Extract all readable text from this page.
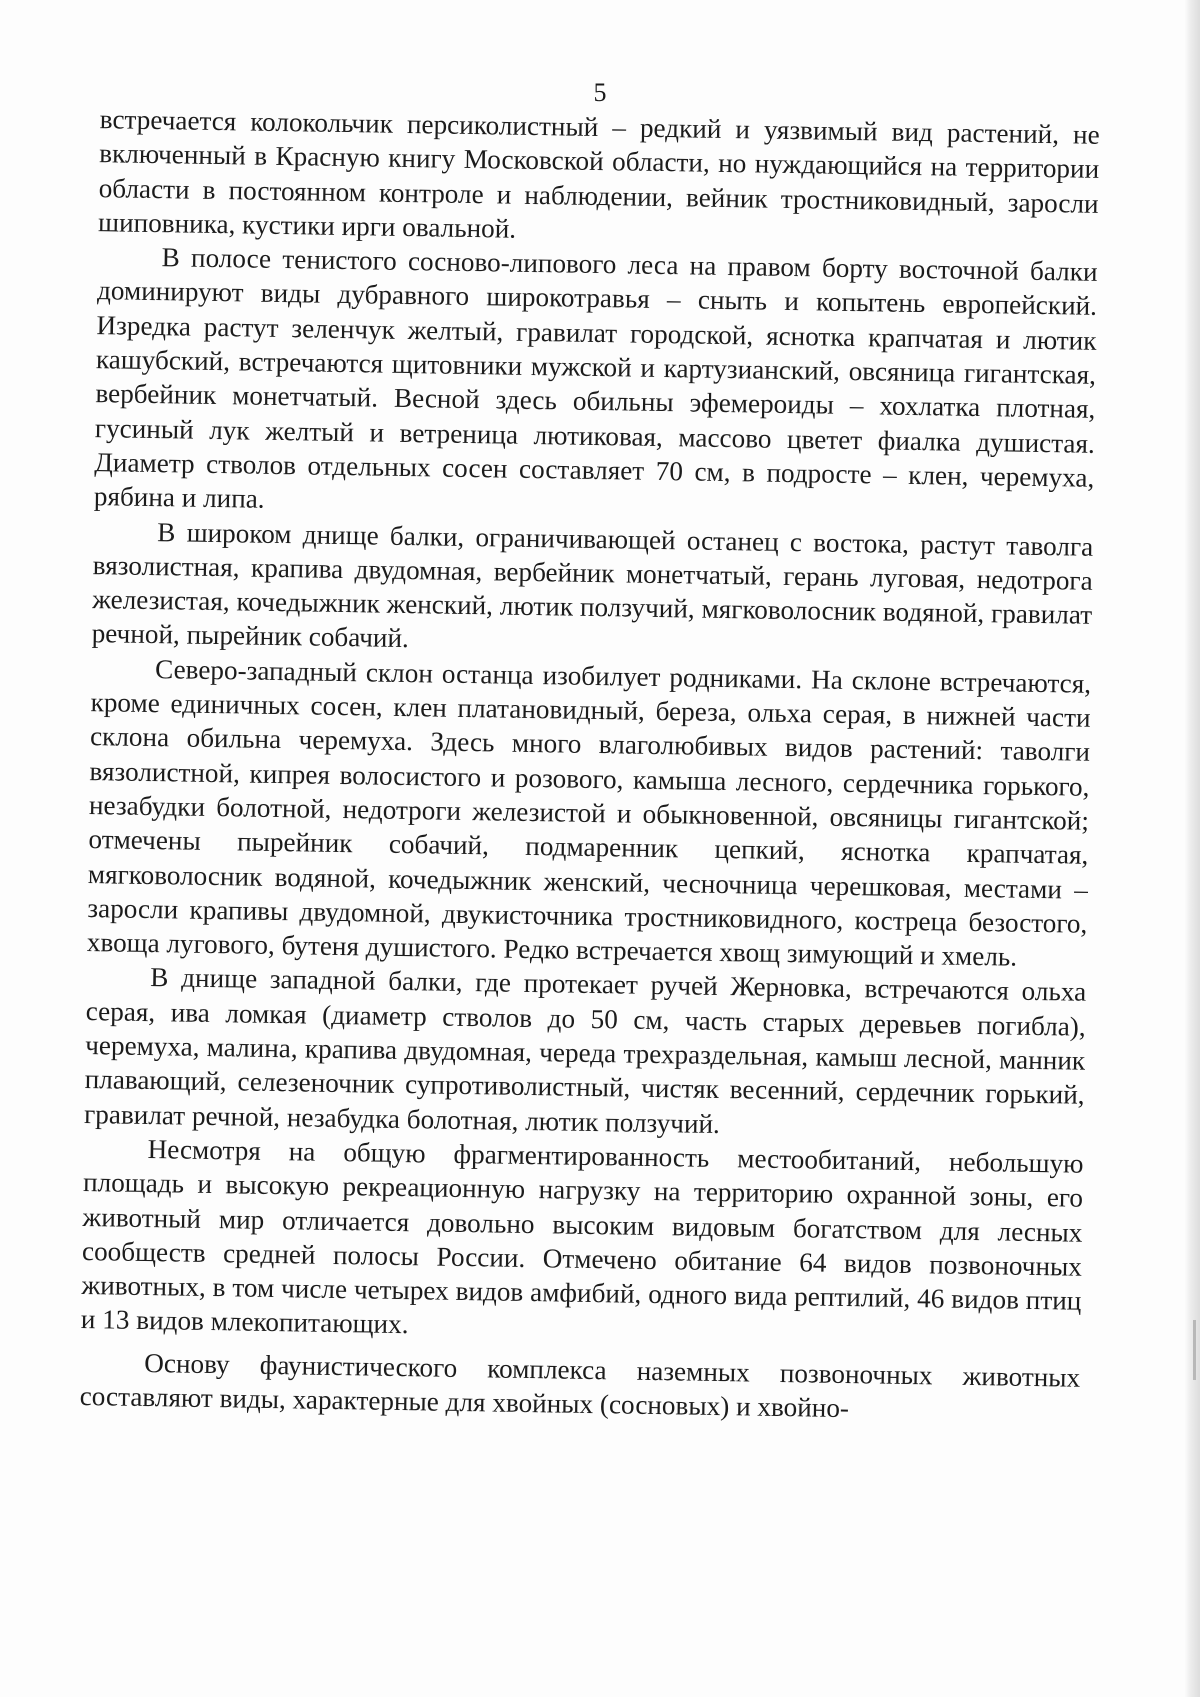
5

встречается колокольчик персиколистный – редкий и уязвимый вид растений, не включенный в Красную книгу Московской области, но нуждающийся на территории области в постоянном контроле и наблюдении, вейник тростниковидный, заросли шиповника, кустики ирги овальной.

В полосе тенистого сосново-липового леса на правом борту восточной балки доминируют виды дубравного широкотравья – сныть и копытень европейский. Изредка растут зеленчук желтый, гравилат городской, яснотка крапчатая и лютик кашубский, встречаются щитовники мужской и картузианский, овсяница гигантская, вербейник монетчатый. Весной здесь обильны эфемероиды – хохлатка плотная, гусиный лук желтый и ветреница лютиковая, массово цветет фиалка душистая. Диаметр стволов отдельных сосен составляет 70 см, в подросте – клен, черемуха, рябина и липа.

В широком днище балки, ограничивающей останец с востока, растут таволга вязолистная, крапива двудомная, вербейник монетчатый, герань луговая, недотрога железистая, кочедыжник женский, лютик ползучий, мягковолосник водяной, гравилат речной, пырейник собачий.

Северо-западный склон останца изобилует родниками. На склоне встречаются, кроме единичных сосен, клен платановидный, береза, ольха серая, в нижней части склона обильна черемуха. Здесь много влаголюбивых видов растений: таволги вязолистной, кипрея волосистого и розового, камыша лесного, сердечника горького, незабудки болотной, недотроги железистой и обыкновенной, овсяницы гигантской; отмечены пырейник собачий, подмаренник цепкий, яснотка крапчатая, мягковолосник водяной, кочедыжник женский, чесночница черешковая, местами – заросли крапивы двудомной, двукисточника тростниковидного, костреца безостого, хвоща лугового, бутеня душистого. Редко встречается хвощ зимующий и хмель.

В днище западной балки, где протекает ручей Жерновка, встречаются ольха серая, ива ломкая (диаметр стволов до 50 см, часть старых деревьев погибла), черемуха, малина, крапива двудомная, череда трехраздельная, камыш лесной, манник плавающий, селезеночник супротиволистный, чистяк весенний, сердечник горький, гравилат речной, незабудка болотная, лютик ползучий.

Несмотря на общую фрагментированность местообитаний, небольшую площадь и высокую рекреационную нагрузку на территорию охранной зоны, его животный мир отличается довольно высоким видовым богатством для лесных сообществ средней полосы России. Отмечено обитание 64 видов позвоночных животных, в том числе четырех видов амфибий, одного вида рептилий, 46 видов птиц и 13 видов млекопитающих.

Основу фаунистического комплекса наземных позвоночных животных составляют виды, характерные для хвойных (сосновых) и хвойно-
